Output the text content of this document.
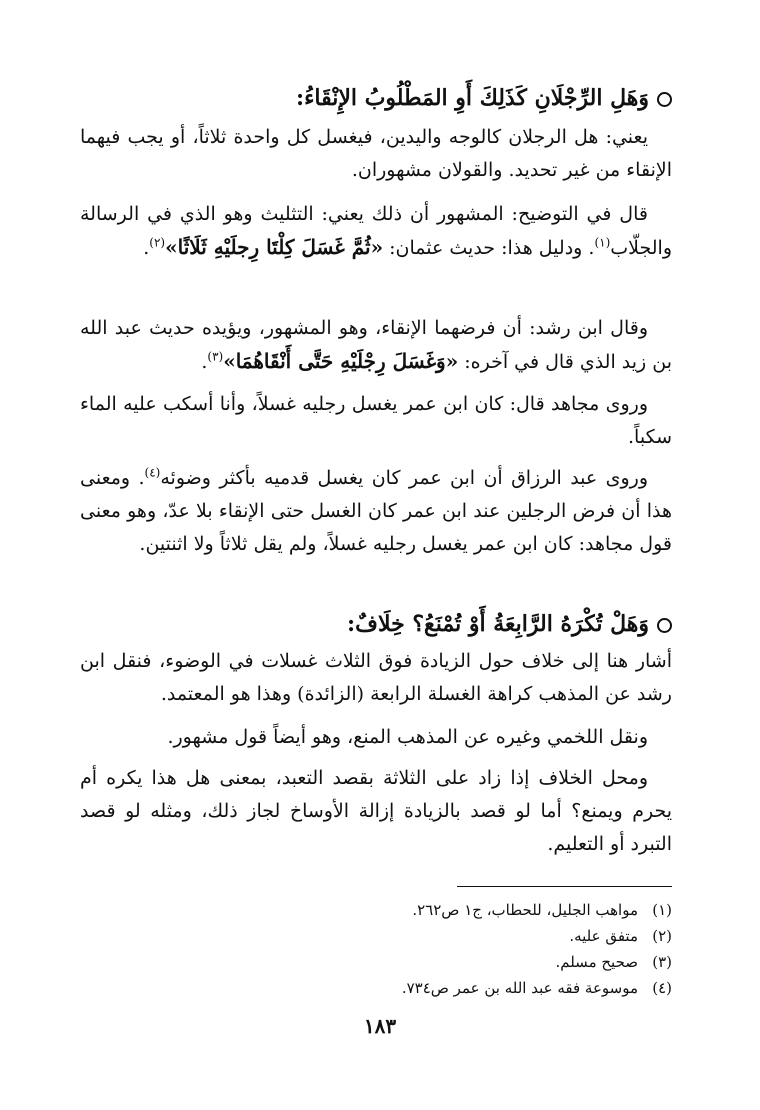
وَهَلِ الرِّجْلَانِ كَذَلِكَ أَوِ المَطْلُوبُ الإِنْقَاءُ:
يعني: هل الرجلان كالوجه واليدين، فيغسل كل واحدة ثلاثاً، أو يجب فيهما الإنقاء من غير تحديد. والقولان مشهوران.
قال في التوضيح: المشهور أن ذلك يعني: التثليث وهو الذي في الرسالة والجلّاب$^{(١)}$. ودليل هذا: حديث عثمان: «ثُمَّ غَسَلَ كِلْتَا رِجلَيْهِ ثَلَاثًا»$^{(٢)}$.
وقال ابن رشد: أن فرضهما الإنقاء، وهو المشهور، ويؤيده حديث عبد الله بن زيد الذي قال في آخره: «وَغَسَلَ رِجْلَيْهِ حَتَّى أَنْقَاهُمَا»$^{(٣)}$.
وروى مجاهد قال: كان ابن عمر يغسل رجليه غسلاً، وأنا أسكب عليه الماء سكباً.
وروى عبد الرزاق أن ابن عمر كان يغسل قدميه بأكثر وضوئه$^{(٤)}$. ومعنى هذا أن فرض الرجلين عند ابن عمر كان الغسل حتى الإنقاء بلا عدّ، وهو معنى قول مجاهد: كان ابن عمر يغسل رجليه غسلاً، ولم يقل ثلاثاً ولا اثنتين.
وَهَلْ تُكْرَهُ الرَّابِعَةُ أَوْ تُمْنَعُ؟ خِلَافٌ:
أشار هنا إلى خلاف حول الزيادة فوق الثلاث غسلات في الوضوء، فنقل ابن رشد عن المذهب كراهة الغسلة الرابعة (الزائدة) وهذا هو المعتمد.
ونقل اللخمي وغيره عن المذهب المنع، وهو أيضاً قول مشهور.
ومحل الخلاف إذا زاد على الثلاثة بقصد التعبد، بمعنى هل هذا يكره أم يحرم ويمنع؟ أما لو قصد بالزيادة إزالة الأوساخ لجاز ذلك، ومثله لو قصد التبرد أو التعليم.
(١)مواهب الجليل، للحطاب، ج١ ص٢٦٢.
(٢)متفق عليه.
(٣)صحيح مسلم.
(٤)موسوعة فقه عبد الله بن عمر ص٧٣٤.
١٨٣
